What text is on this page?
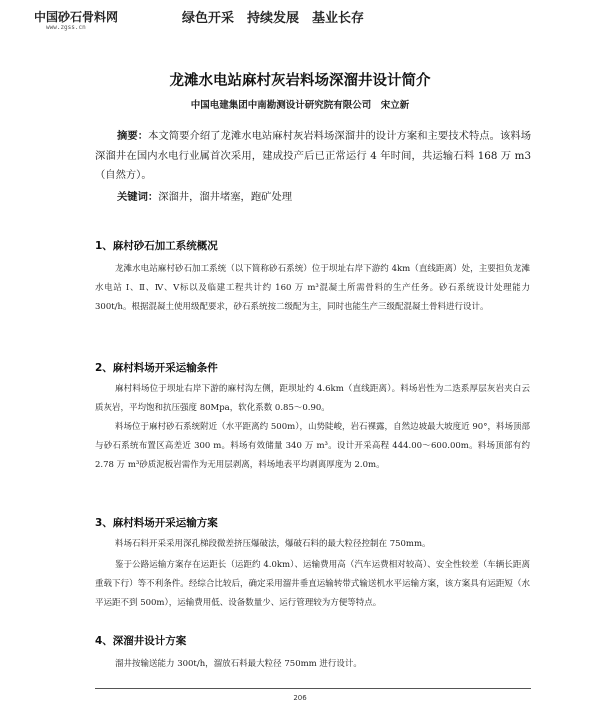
中国砂石骨料网	绿色开采　持续发展　基业长存
www.zgss.cn
龙滩水电站麻村灰岩料场深溜井设计简介
中国电建集团中南勘测设计研究院有限公司　宋立新

摘要：本文简要介绍了龙滩水电站麻村灰岩料场深溜井的设计方案和主要技术特点。该料场深溜井在国内水电行业属首次采用，建成投产后已正常运行 4 年时间，共运输石料 168 万 m3（自然方）。

关键词：深溜井，溜井堵塞，跑矿处理

1、麻村砂石加工系统概况

龙滩水电站麻村砂石加工系统（以下简称砂石系统）位于坝址右岸下游约 4km（直线距离）处，主要担负龙滩水电站 Ⅰ、Ⅱ、Ⅳ、Ⅴ标以及临建工程共计约 160 万 m³混凝土所需骨料的生产任务。砂石系统设计处理能力 300t/h。根据混凝土使用级配要求，砂石系统按二级配为主，同时也能生产三级配混凝土骨料进行设计。

2、麻村料场开采运输条件

麻村料场位于坝址右岸下游的麻村沟左侧，距坝址约 4.6km（直线距离）。料场岩性为二迭系厚层灰岩夹白云质灰岩，平均饱和抗压强度 80Mpa，软化系数 0.85～0.90。

料场位于麻村砂石系统附近（水平距离约 500m），山势陡峻，岩石裸露，自然边坡最大坡度近 90°，料场顶部与砂石系统布置区高差近 300 m。料场有效储量 340 万 m³。设计开采高程 444.00～600.00m。料场顶部有约 2.78 万 m³砂质泥板岩需作为无用层剥离，料场地表平均剥离厚度为 2.0m。

3、麻村料场开采运输方案

料场石料开采采用深孔梯段微差挤压爆破法，爆破石料的最大粒径控制在 750mm。

鉴于公路运输方案存在运距长（运距约 4.0km）、运输费用高（汽车运费相对较高）、安全性较差（车辆长距离重载下行）等不利条件。经综合比较后，确定采用溜井垂直运输转带式输送机水平运输方案，该方案具有运距短（水平运距不到 500m），运输费用低、设备数量少、运行管理较为方便等特点。

4、深溜井设计方案

溜井按输送能力 300t/h，溜放石料最大粒径 750mm 进行设计。

206
